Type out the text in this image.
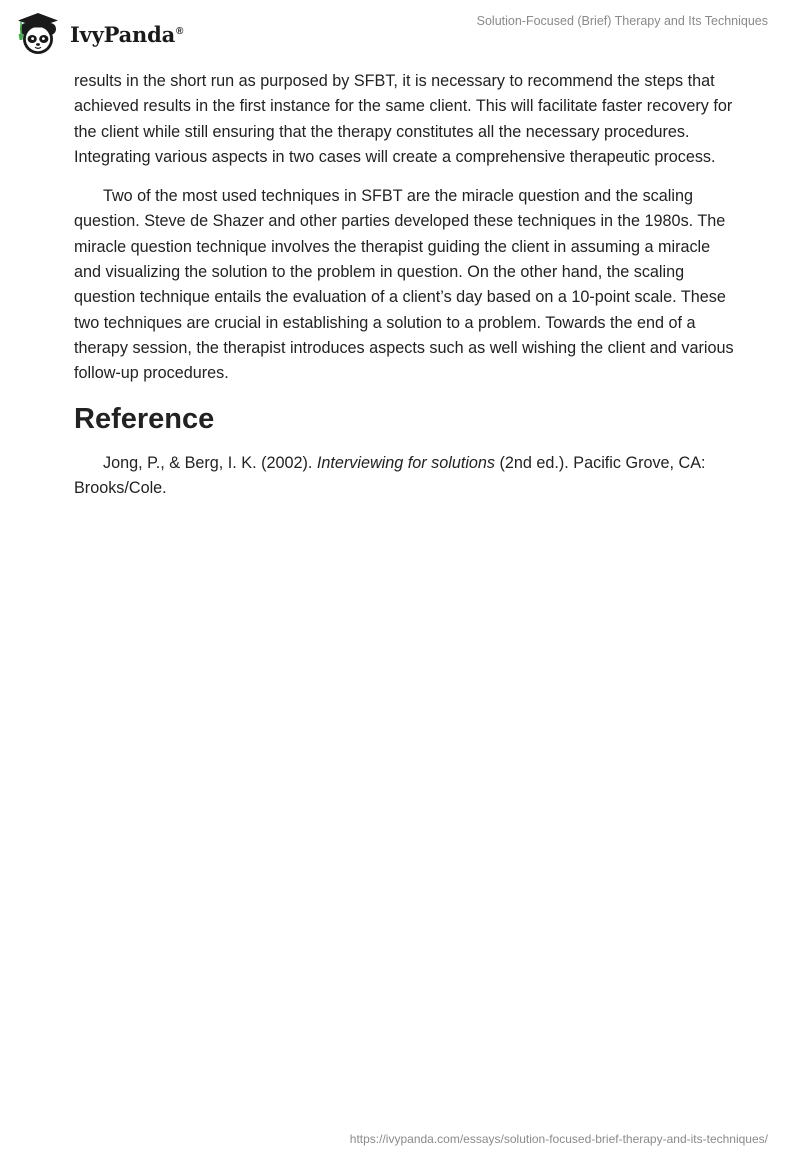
IvyPanda®
Solution-Focused (Brief) Therapy and Its Techniques

results in the short run as purposed by SFBT, it is necessary to recommend the steps that achieved results in the first instance for the same client. This will facilitate faster recovery for the client while still ensuring that the therapy constitutes all the necessary procedures. Integrating various aspects in two cases will create a comprehensive therapeutic process.

Two of the most used techniques in SFBT are the miracle question and the scaling question. Steve de Shazer and other parties developed these techniques in the 1980s. The miracle question technique involves the therapist guiding the client in assuming a miracle and visualizing the solution to the problem in question. On the other hand, the scaling question technique entails the evaluation of a client’s day based on a 10-point scale. These two techniques are crucial in establishing a solution to a problem. Towards the end of a therapy session, the therapist introduces aspects such as well wishing the client and various follow-up procedures.

Reference

Jong, P., & Berg, I. K. (2002). Interviewing for solutions (2nd ed.). Pacific Grove, CA: Brooks/Cole.

https://ivypanda.com/essays/solution-focused-brief-therapy-and-its-techniques/
